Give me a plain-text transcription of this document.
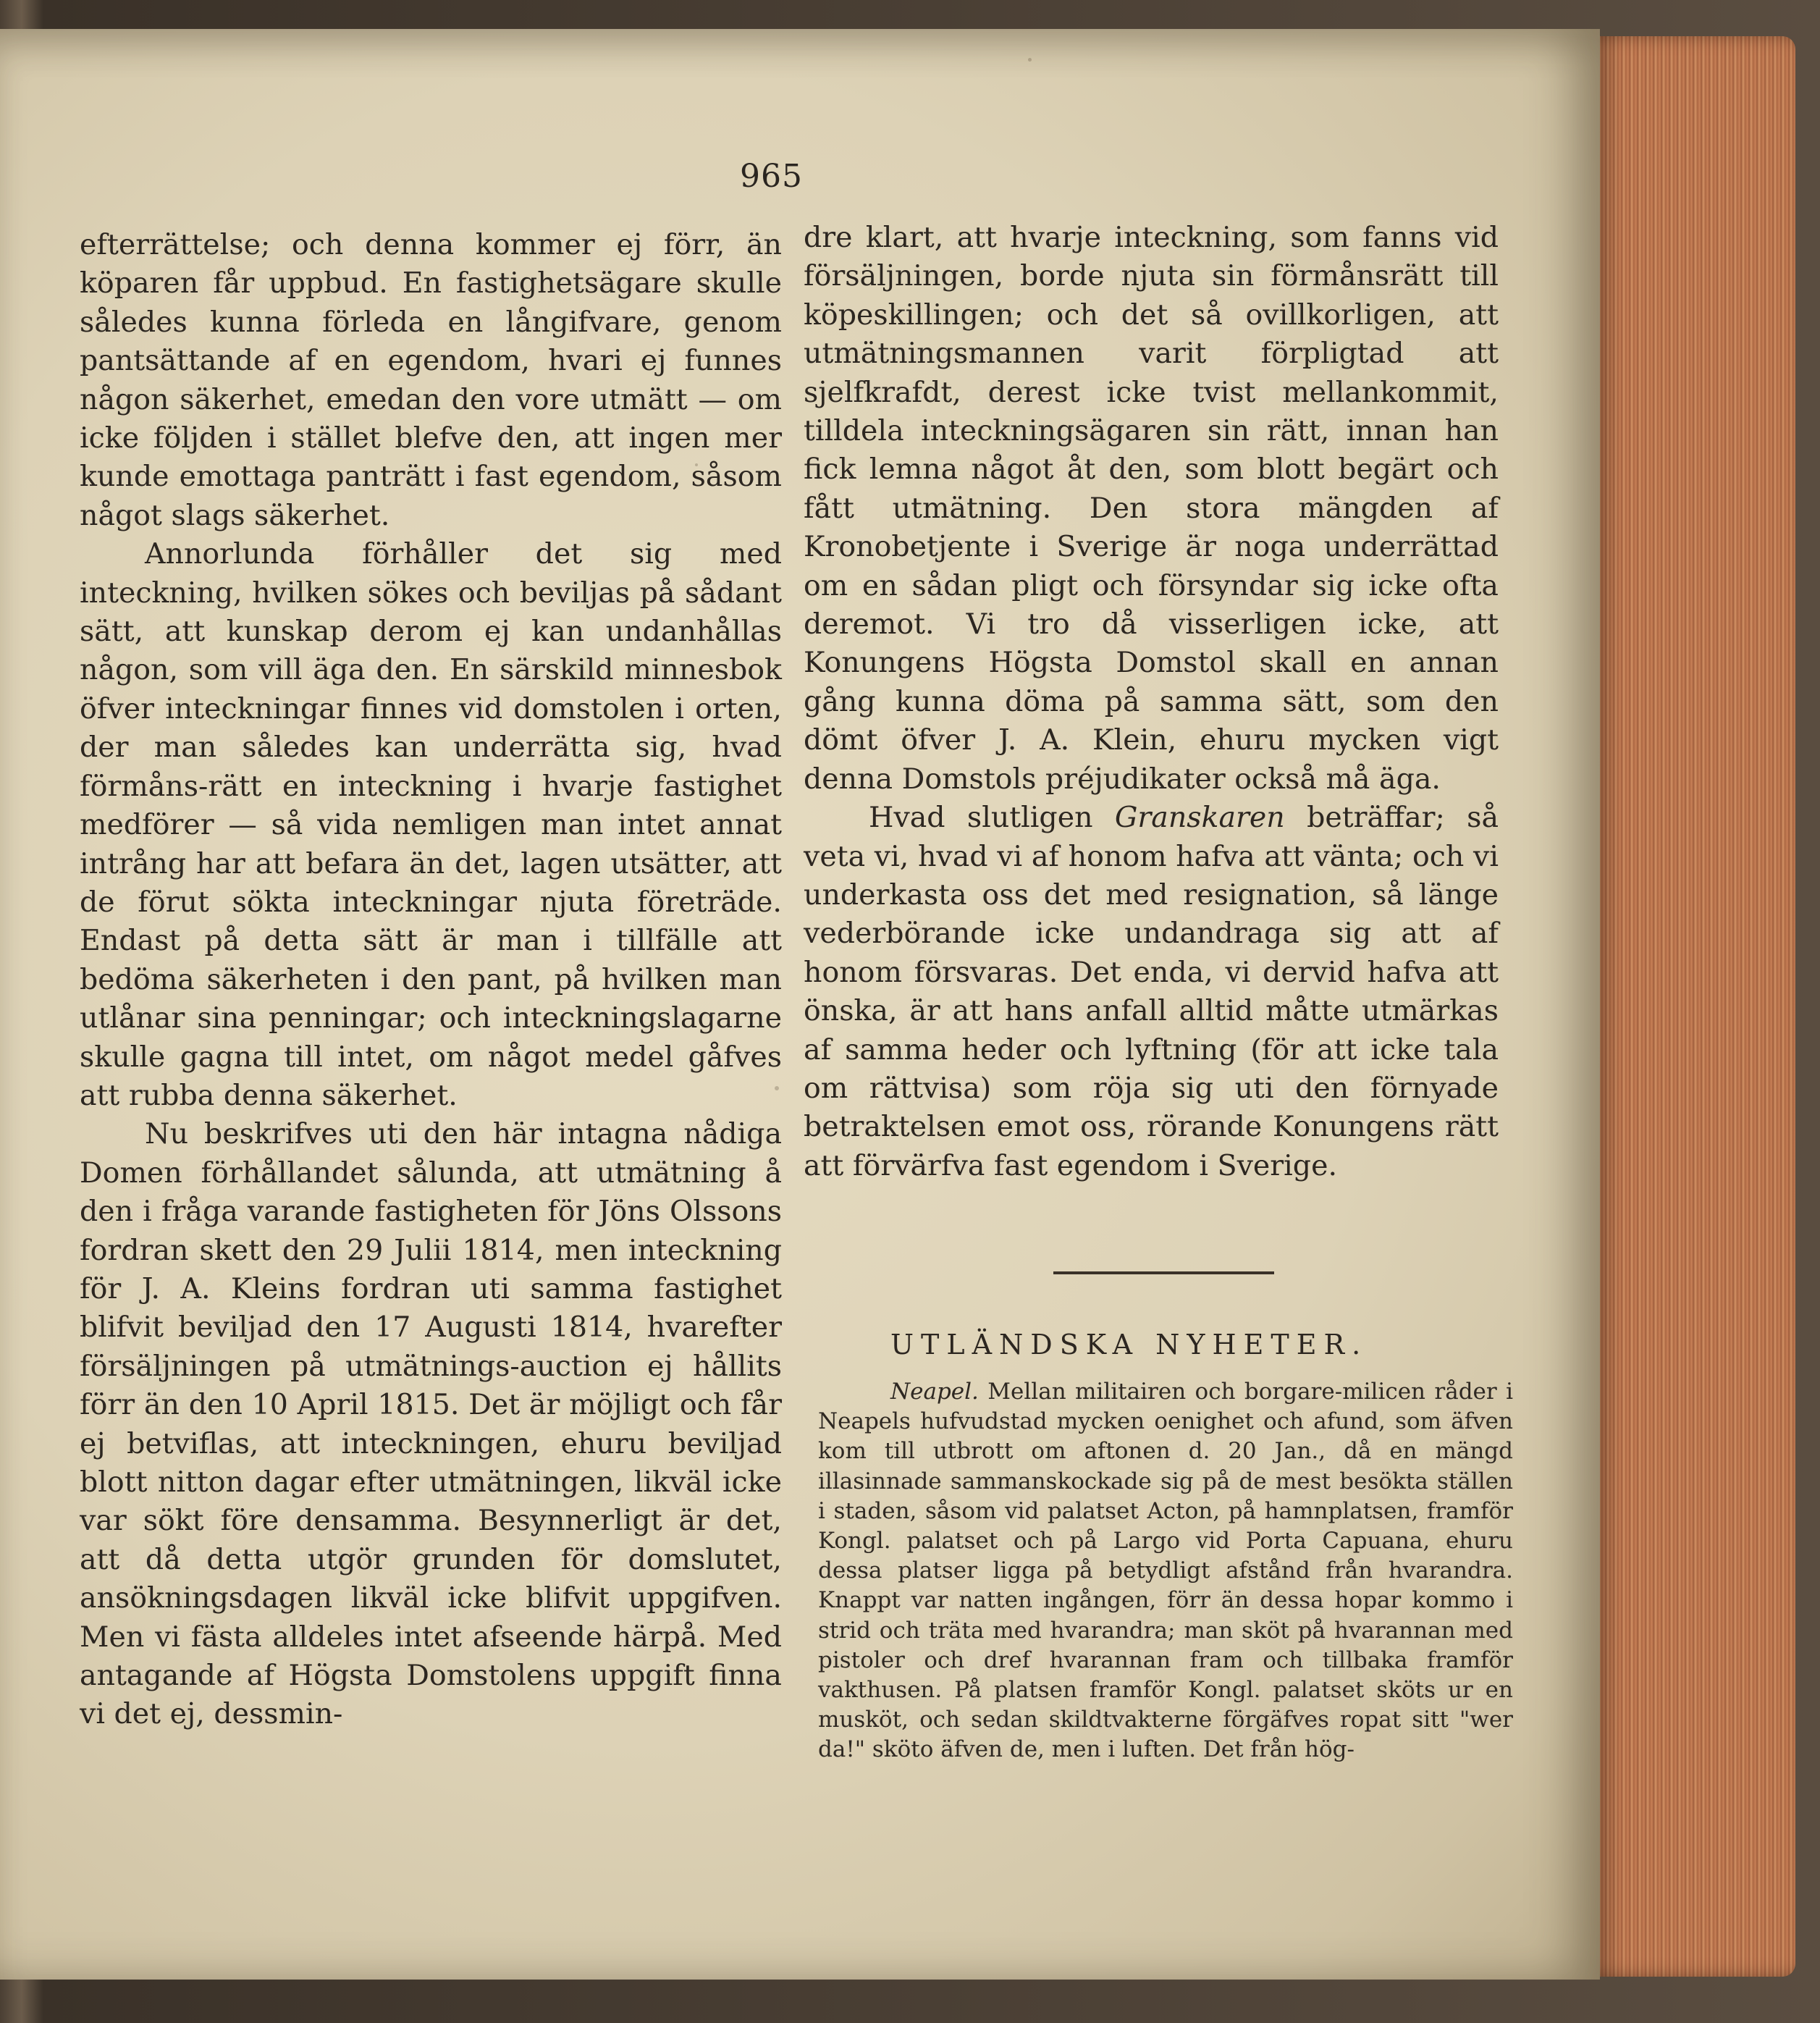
965

efterrättelse; och denna kommer ej förr, än köparen får uppbud. En fastighetsägare skulle således kunna förleda en långifvare, genom pantsättande af en egendom, hvari ej funnes någon säkerhet, emedan den vore utmätt — om icke följden i stället blefve den, att ingen mer kunde emottaga panträtt i fast egendom, såsom något slags säkerhet.

Annorlunda förhåller det sig med inteckning, hvilken sökes och beviljas på sådant sätt, att kunskap derom ej kan undanhållas någon, som vill äga den. En särskild minnesbok öfver inteckningar finnes vid domstolen i orten, der man således kan underrätta sig, hvad förmåns-rätt en inteckning i hvarje fastighet medförer — så vida nemligen man intet annat intrång har att befara än det, lagen utsätter, att de förut sökta inteckningar njuta företräde. Endast på detta sätt är man i tillfälle att bedöma säkerheten i den pant, på hvilken man utlånar sina penningar; och inteckningslagarne skulle gagna till intet, om något medel gåfves att rubba denna säkerhet.

Nu beskrifves uti den här intagna nådiga Domen förhållandet sålunda, att utmätning å den i fråga varande fastigheten för Jöns Olssons fordran skett den 29 Julii 1814, men inteckning för J. A. Kleins fordran uti samma fastighet blifvit beviljad den 17 Augusti 1814, hvarefter försäljningen på utmätnings-auction ej hållits förr än den 10 April 1815. Det är möjligt och får ej betviflas, att inteckningen, ehuru beviljad blott nitton dagar efter utmätningen, likväl icke var sökt före densamma. Besynnerligt är det, att då detta utgör grunden för domslutet, ansökningsdagen likväl icke blifvit uppgifven. Men vi fästa alldeles intet afseende härpå. Med antagande af Högsta Domstolens uppgift finna vi det ej, dessmin-

dre klart, att hvarje inteckning, som fanns vid försäljningen, borde njuta sin förmånsrätt till köpeskillingen; och det så ovillkorligen, att utmätningsmannen varit förpligtad att sjelfkrafdt, derest icke tvist mellankommit, tilldela inteckningsägaren sin rätt, innan han fick lemna något åt den, som blott begärt och fått utmätning. Den stora mängden af Kronobetjente i Sverige är noga underrättad om en sådan pligt och försyndar sig icke ofta deremot. Vi tro då visserligen icke, att Konungens Högsta Domstol skall en annan gång kunna döma på samma sätt, som den dömt öfver J. A. Klein, ehuru mycken vigt denna Domstols préjudikater också må äga.

Hvad slutligen Granskaren beträffar; så veta vi, hvad vi af honom hafva att vänta; och vi underkasta oss det med resignation, så länge vederbörande icke undandraga sig att af honom försvaras. Det enda, vi dervid hafva att önska, är att hans anfall alltid måtte utmärkas af samma heder och lyftning (för att icke tala om rättvisa) som röja sig uti den förnyade betraktelsen emot oss, rörande Konungens rätt att förvärfva fast egendom i Sverige.

UTLÄNDSKA NYHETER.
Neapel. Mellan militairen och borgare-milicen råder i Neapels hufvudstad mycken oenighet och afund, som äfven kom till utbrott om aftonen d. 20 Jan., då en mängd illasinnade sammanskockade sig på de mest besökta ställen i staden, såsom vid palatset Acton, på hamnplatsen, framför Kongl. palatset och på Largo vid Porta Capuana, ehuru dessa platser ligga på betydligt afstånd från hvarandra. Knappt var natten ingången, förr än dessa hopar kommo i strid och träta med hvarandra; man sköt på hvarannan med pistoler och dref hvarannan fram och tillbaka framför vakthusen. På platsen framför Kongl. palatset sköts ur en musköt, och sedan skildtvakterne förgäfves ropat sitt "wer da!" sköto äfven de, men i luften. Det från hög-
